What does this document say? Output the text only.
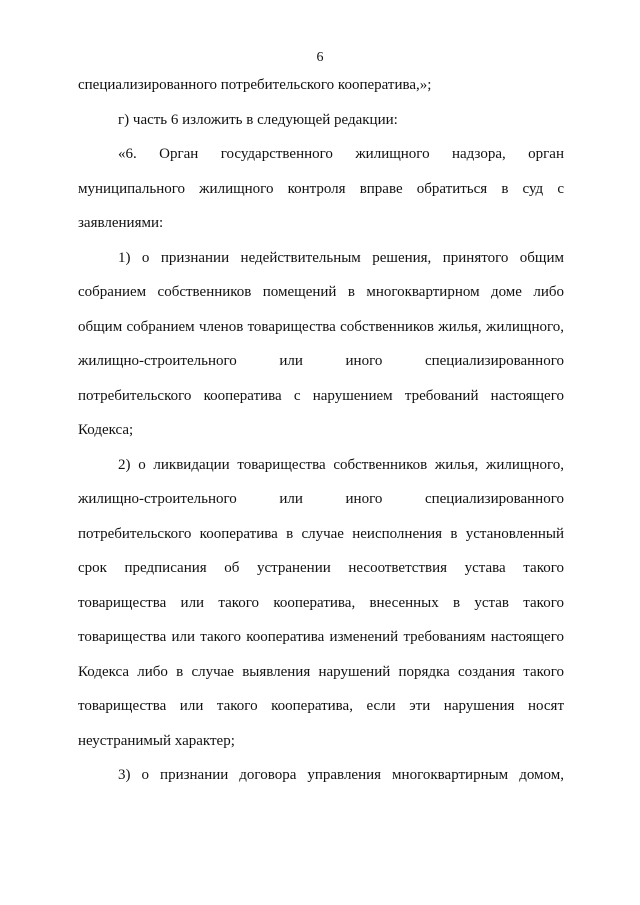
6
специализированного потребительского кооператива,»;
г) часть 6 изложить в следующей редакции:
«6. Орган государственного жилищного надзора, орган
муниципального жилищного контроля вправе обратиться в суд с
заявлениями:
1) о признании недействительным решения, принятого общим
собранием собственников помещений в многоквартирном доме либо
общим собранием членов товарищества собственников жилья, жилищного,
жилищно-строительного или иного специализированного
потребительского кооператива с нарушением требований настоящего
Кодекса;
2) о ликвидации товарищества собственников жилья, жилищного,
жилищно-строительного или иного специализированного
потребительского кооператива в случае неисполнения в установленный
срок предписания об устранении несоответствия устава такого
товарищества или такого кооператива, внесенных в устав такого
товарищества или такого кооператива изменений требованиям настоящего
Кодекса либо в случае выявления нарушений порядка создания такого
товарищества или такого кооператива, если эти нарушения носят
неустранимый характер;
3) о признании договора управления многоквартирным домом,
